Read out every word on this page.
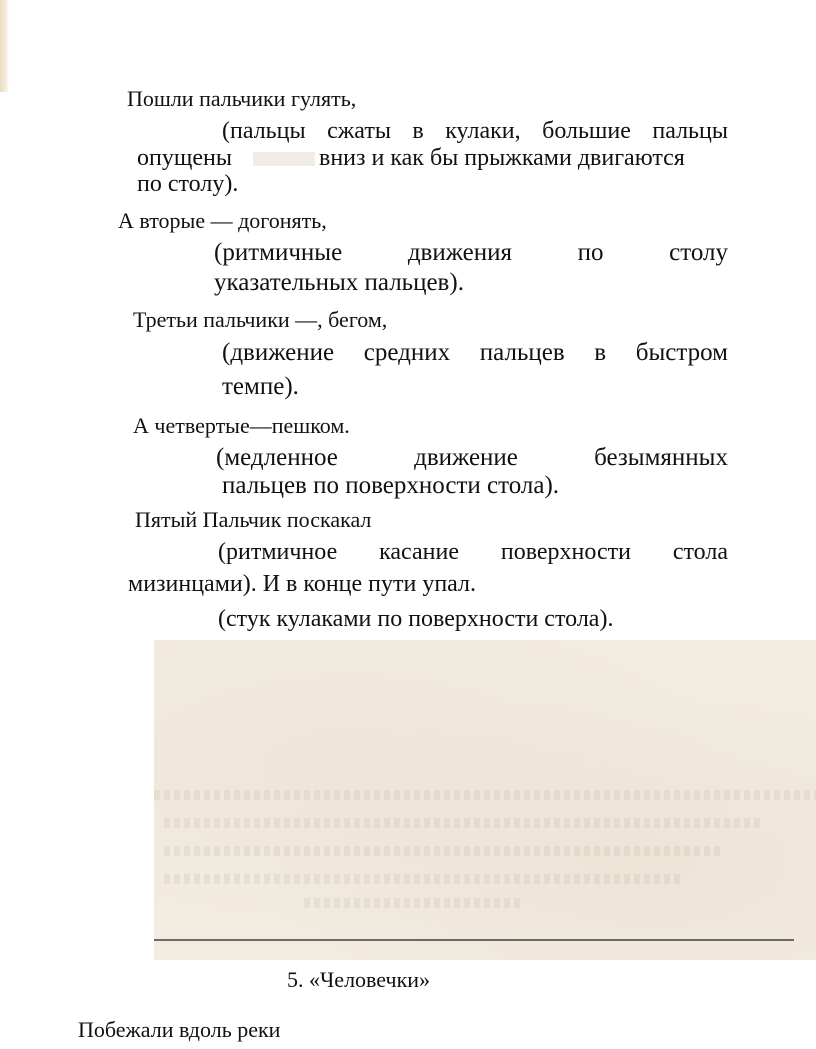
Пошли пальчики гулять,
(пальцы сжаты в кулаки, большие пальцы
опущены	вниз и как бы прыжками двигаются
по столу).
А вторые — догонять,
(ритмичные	движения	по	столу
указательных пальцев).
Третьи пальчики —, бегом,
(движение средних пальцев в быстром
темпе).
А четвертые—пешком.
(медленное	движение	безымянных
пальцев по поверхности стола).
Пятый Пальчик поскакал
(ритмичное касание поверхности стола
мизинцами). И в конце пути упал.
(стук кулаками по поверхности стола).
5. «Человечки»
Побежали вдоль реки
